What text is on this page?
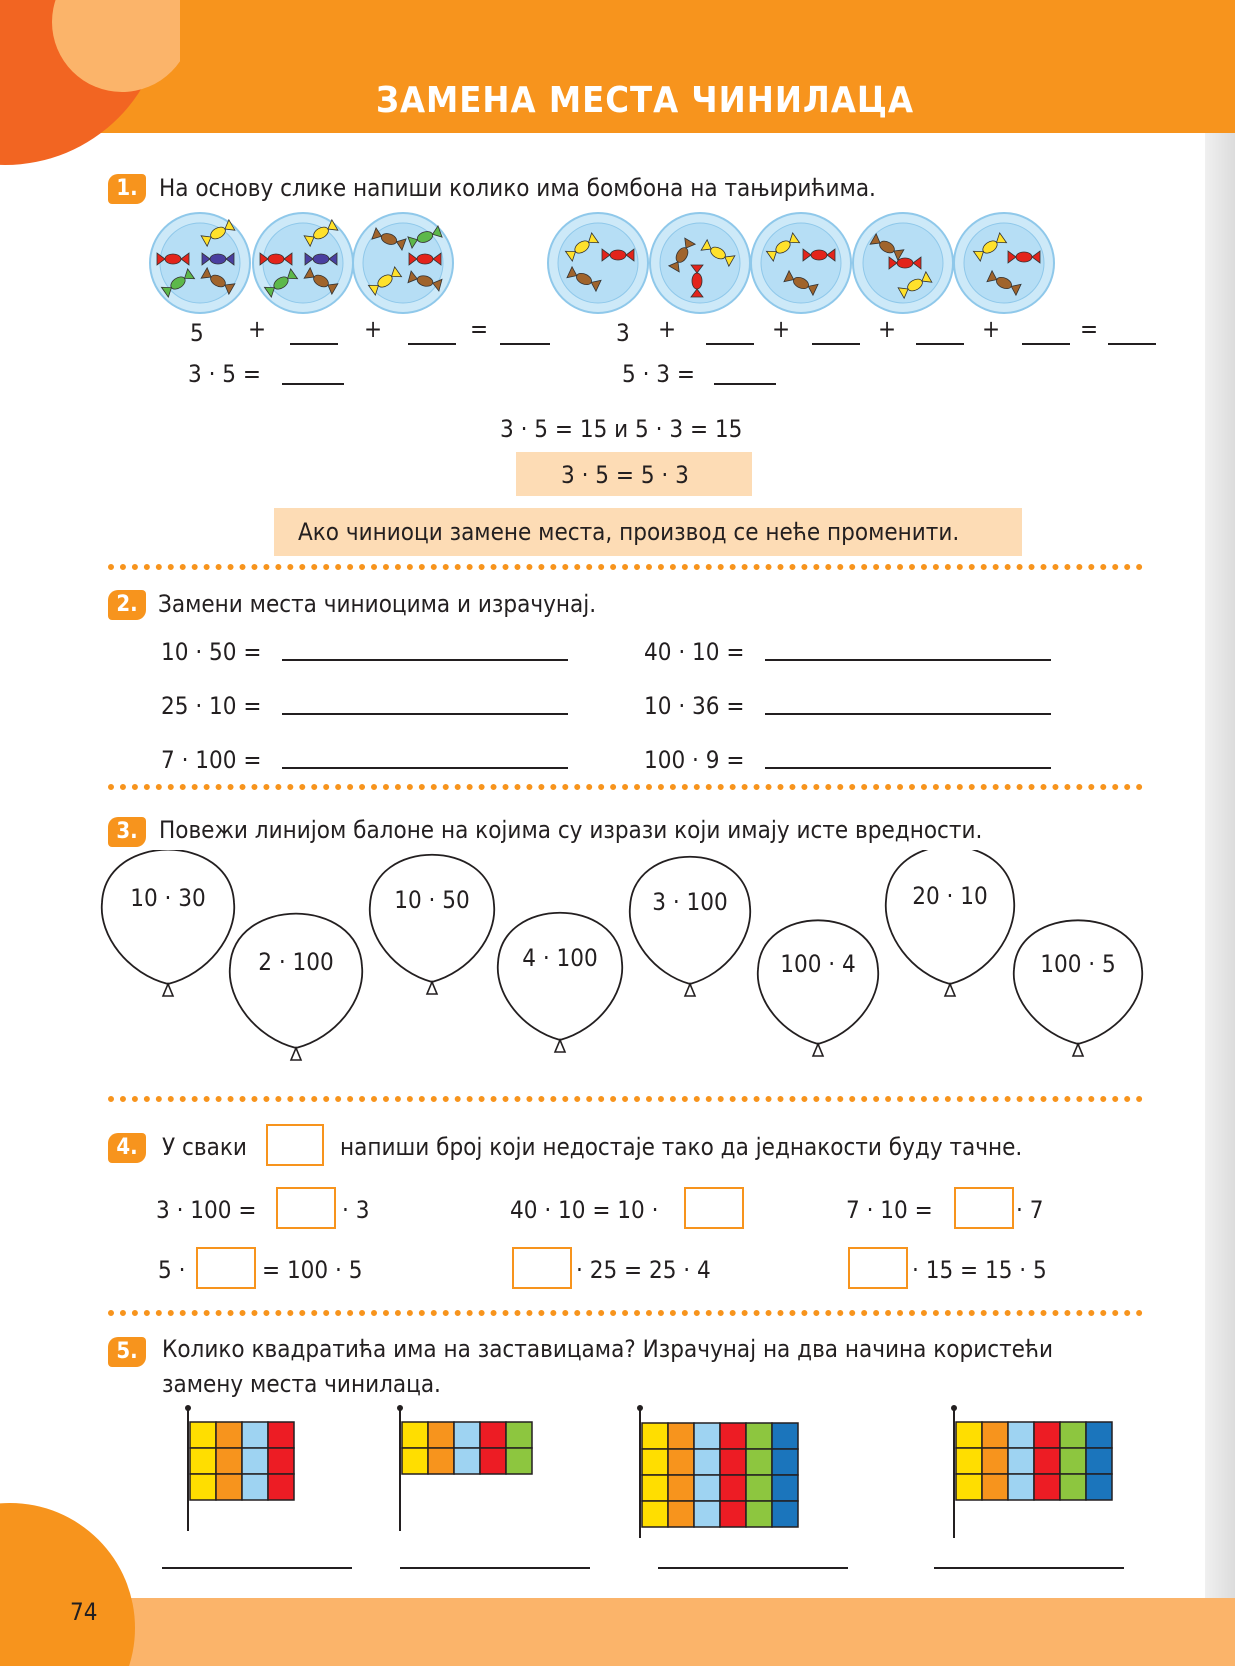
ЗАМЕНА МЕСТА ЧИНИЛАЦА
1. На основу слике напиши колико има бомбона на тањирићима.
5 +	+	=
3 · 5 =
3 +	+	+	+	=
5 · 3 =
3 · 5 = 15 и 5 · 3 = 15
3 · 5 = 5 · 3
Ако чиниоци замене места, производ се неће променити.
2. Замени места чиниоцима и израчунај.
10 · 50 =
25 · 10 =
7 · 100 =
40 · 10 =
10 · 36 =
100 · 9 =
3. Повежи линијом балоне на којима су изрази који имају исте вредности.
10 · 30
2 · 100
10 · 50
4 · 100
3 · 100
100 · 4
20 · 10
100 · 5
4.	У сваки	напиши број који недостаје тако да једнакости буду тачне.
3 · 100 =	· 3	40 · 10 = 10 ·	7 · 10 =	· 7
5 ·	= 100 · 5	· 25 = 25 · 4	· 15 = 15 · 5
5.	Колико квадратића има на заставицама? Израчунај на два начина користећи
замену места чинилаца.
74
